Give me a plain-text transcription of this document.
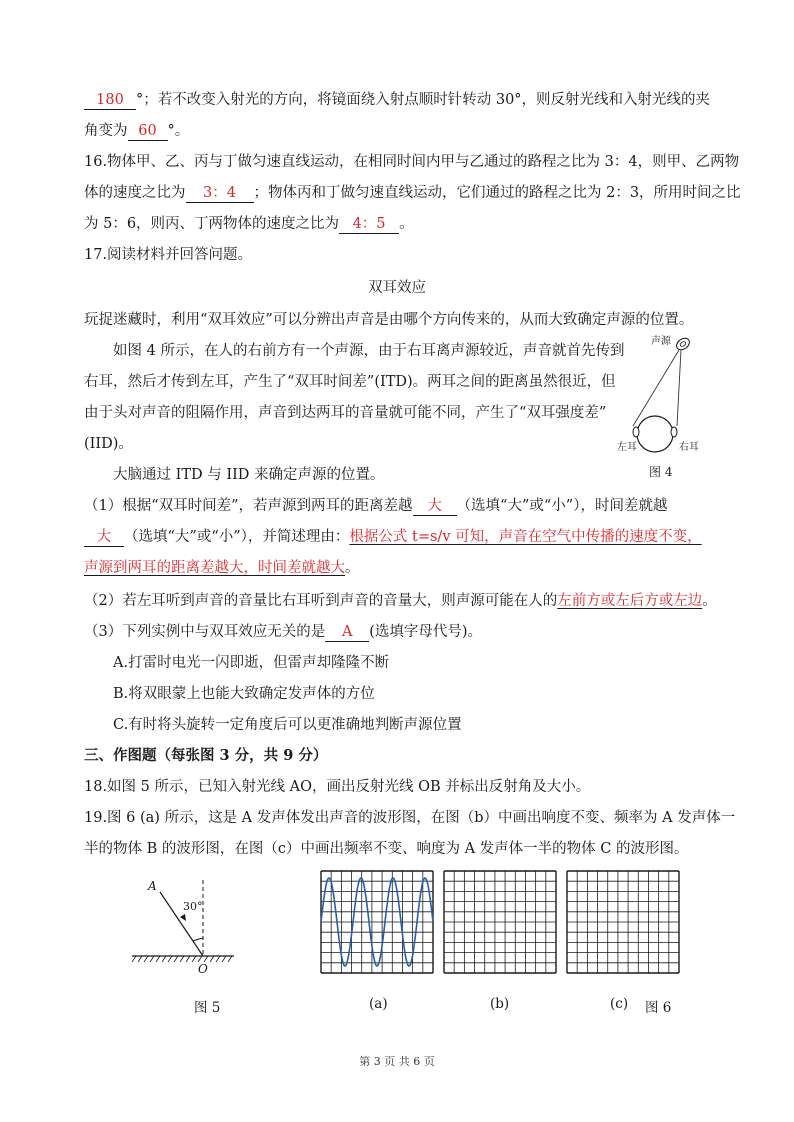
180 °；若不改变入射光的方向，将镜面绕入射点顺时针转动 30°，则反射光线和入射光线的夹
角变为 60 °。
16.物体甲、乙、丙与丁做匀速直线运动，在相同时间内甲与乙通过的路程之比为 3：4，则甲、乙两物
体的速度之比为 3：4 ；物体丙和丁做匀速直线运动，它们通过的路程之比为 2：3，所用时间之比
为 5：6，则丙、丁两物体的速度之比为 4：5 。
17.阅读材料并回答问题。
双耳效应
玩捉迷藏时，利用“双耳效应”可以分辨出声音是由哪个方向传来的，从而大致确定声源的位置。
如图 4 所示，在人的右前方有一个声源，由于右耳离声源较近，声音就首先传到
右耳，然后才传到左耳，产生了“双耳时间差”(ITD)。两耳之间的距离虽然很近，但
由于头对声音的阻隔作用，声音到达两耳的音量就可能不同，产生了“双耳强度差”
(IID)。
大脑通过 ITD 与 IID 来确定声源的位置。
声源
左耳	右耳
图 4
（1）根据“双耳时间差”，若声源到两耳的距离差越 大 （选填“大”或“小”），时间差就越
大 （选填“大”或“小”），并简述理由：根据公式 t=s/v 可知，声音在空气中传播的速度不变，
声源到两耳的距离差越大，时间差就越大。
（2）若左耳听到声音的音量比右耳听到声音的音量大，则声源可能在人的左前方或左后方或左边。
（3）下列实例中与双耳效应无关的是 A (选填字母代号)。
A.打雷时电光一闪即逝，但雷声却隆隆不断
B.将双眼蒙上也能大致确定发声体的方位
C.有时将头旋转一定角度后可以更准确地判断声源位置
三、作图题（每张图 3 分，共 9 分）
18.如图 5 所示，已知入射光线 AO，画出反射光线 OB 并标出反射角及大小。
19.图 6 (a) 所示，这是 A 发声体发出声音的波形图，在图（b）中画出响度不变、频率为 A 发声体一
半的物体 B 的波形图，在图（c）中画出频率不变、响度为 A 发声体一半的物体 C 的波形图。
A
30°
O
图 5	(a)	(b)	(c) 图 6
第 3 页 共 6 页
